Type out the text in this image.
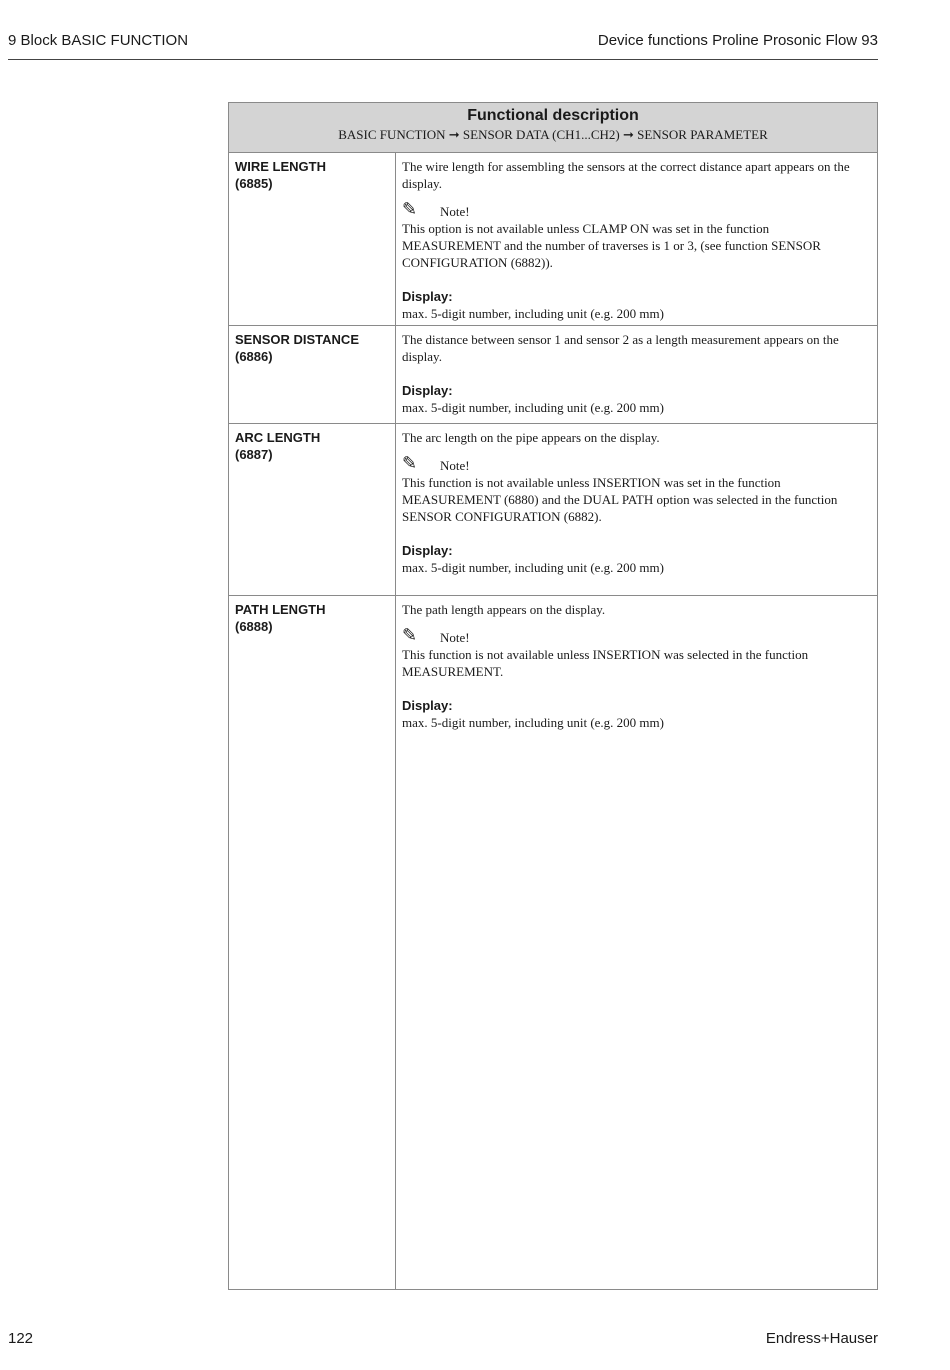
9 Block BASIC FUNCTION	Device functions Proline Prosonic Flow 93
Functional description
BASIC FUNCTION ➞ SENSOR DATA (CH1...CH2) ➞ SENSOR PARAMETER
WIRE LENGTH
(6885)

The wire length for assembling the sensors at the correct distance apart appears on the display.

✎	Note!

This option is not available unless CLAMP ON was set in the function MEASUREMENT and the number of traverses is 1 or 3, (see function SENSOR CONFIGURATION (6882)).

Display:

max. 5-digit number, including unit (e.g. 200 mm)

SENSOR DISTANCE
(6886)

The distance between sensor 1 and sensor 2 as a length measurement appears on the display.

Display:

max. 5-digit number, including unit (e.g. 200 mm)

ARC LENGTH
(6887)

The arc length on the pipe appears on the display.

✎	Note!

This function is not available unless INSERTION was set in the function MEASUREMENT (6880) and the DUAL PATH option was selected in the function SENSOR CONFIGURATION (6882).

Display:

max. 5-digit number, including unit (e.g. 200 mm)

PATH LENGTH
(6888)

The path length appears on the display.

✎	Note!

This function is not available unless INSERTION was selected in the function MEASUREMENT.

Display:

max. 5-digit number, including unit (e.g. 200 mm)

122	Endress+Hauser
